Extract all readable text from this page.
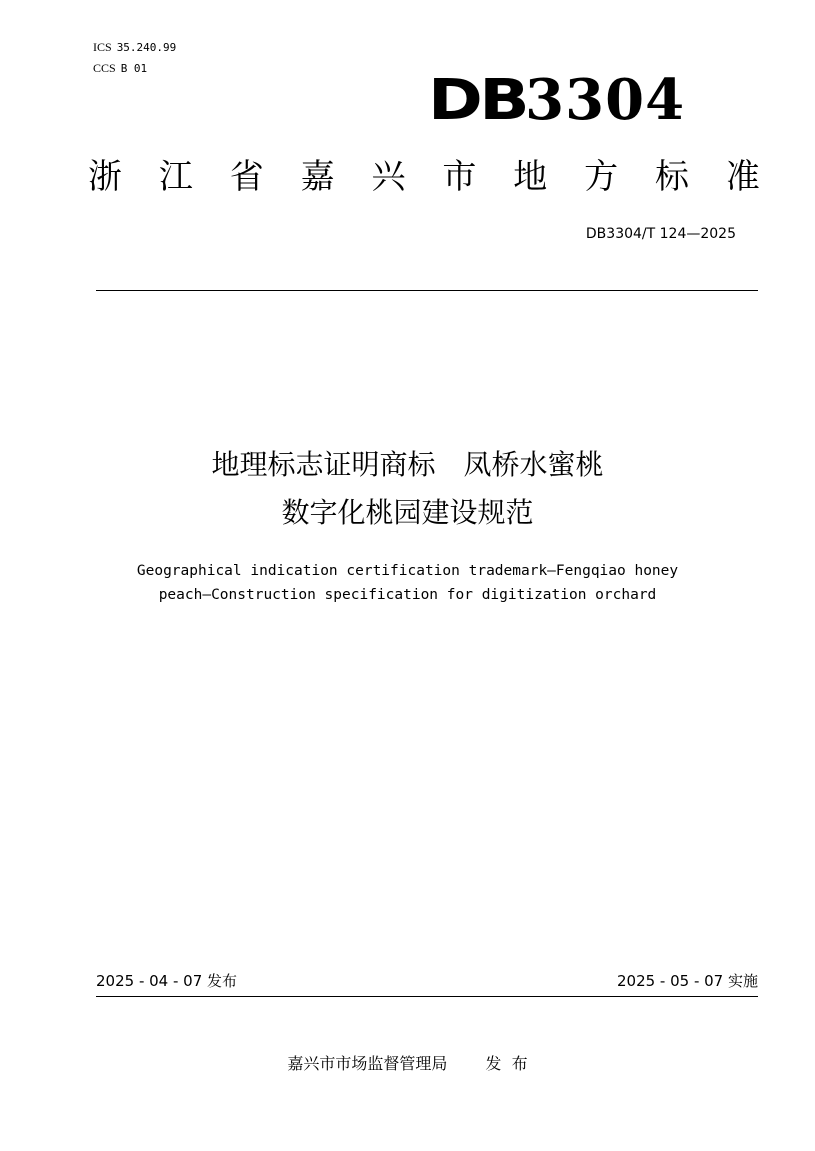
ICS 35.240.99
CCS B 01	DB3304
浙 江 省 嘉 兴 市 地 方 标 准
DB3304/T 124—2025
地理标志证明商标　凤桥水蜜桃
数字化桃园建设规范
Geographical indication certification trademark—Fengqiao honey
peach—Construction specification for digitization orchard
2025 - 04 - 07 发布	2025 - 05 - 07 实施
嘉兴市市场监督管理局 发  布
